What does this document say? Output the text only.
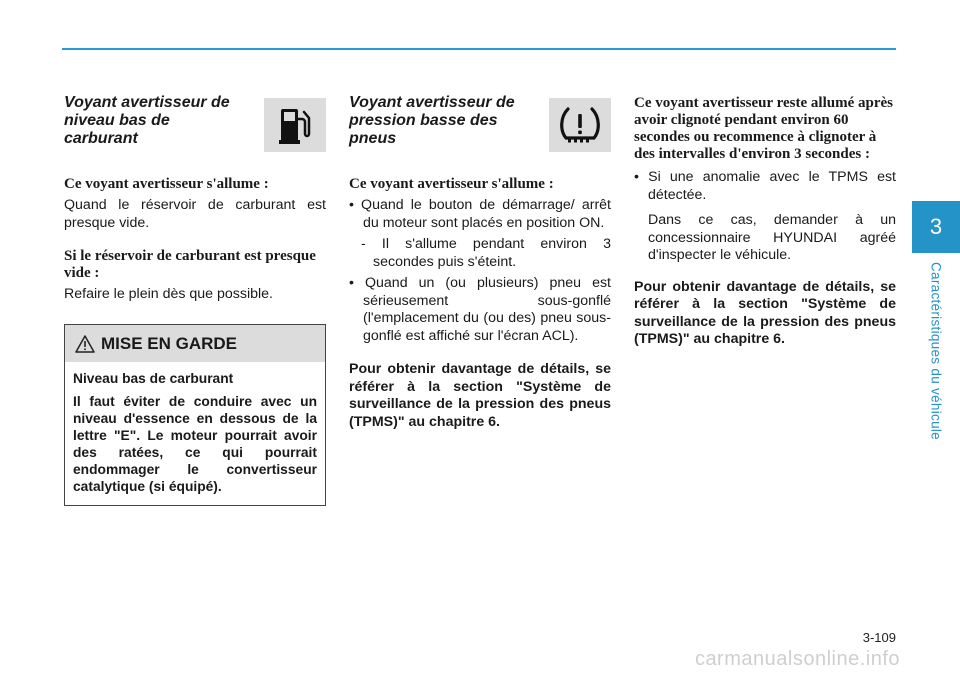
3
Caractéristiques du véhicule

Voyant avertisseur de niveau bas de carburant

Ce voyant avertisseur s'allume :

Quand le réservoir de carburant est presque vide.

Si le réservoir de carburant est presque vide :

Refaire le plein dès que possible.

MISE EN GARDE

Niveau bas de carburant

Il faut éviter de conduire avec un niveau d'essence en dessous de la lettre "E". Le moteur pourrait avoir des ratées, ce qui pourrait endommager le convertisseur catalytique (si équipé).

Voyant avertisseur de pression basse des pneus

Ce voyant avertisseur s'allume :

• Quand le bouton de démarrage/ arrêt du moteur sont placés en position ON.

- Il s'allume pendant environ 3 secondes puis s'éteint.

• Quand un (ou plusieurs) pneu est sérieusement sous-gonflé (l'emplacement du (ou des) pneu sous-gonflé est affiché sur l'écran ACL).

Pour obtenir davantage de détails, se référer à la section "Système de surveillance de la pression des pneus (TPMS)" au chapitre 6.

Ce voyant avertisseur reste allumé après avoir clignoté pendant environ 60 secondes ou recommence à clignoter à des intervalles d'environ 3 secondes :

• Si une anomalie avec le TPMS est détectée.

Dans ce cas, demander à un concessionnaire HYUNDAI agréé d'inspecter le véhicule.

Pour obtenir davantage de détails, se référer à la section "Système de surveillance de la pression des pneus (TPMS)" au chapitre 6.

3-109
carmanualsonline.info
